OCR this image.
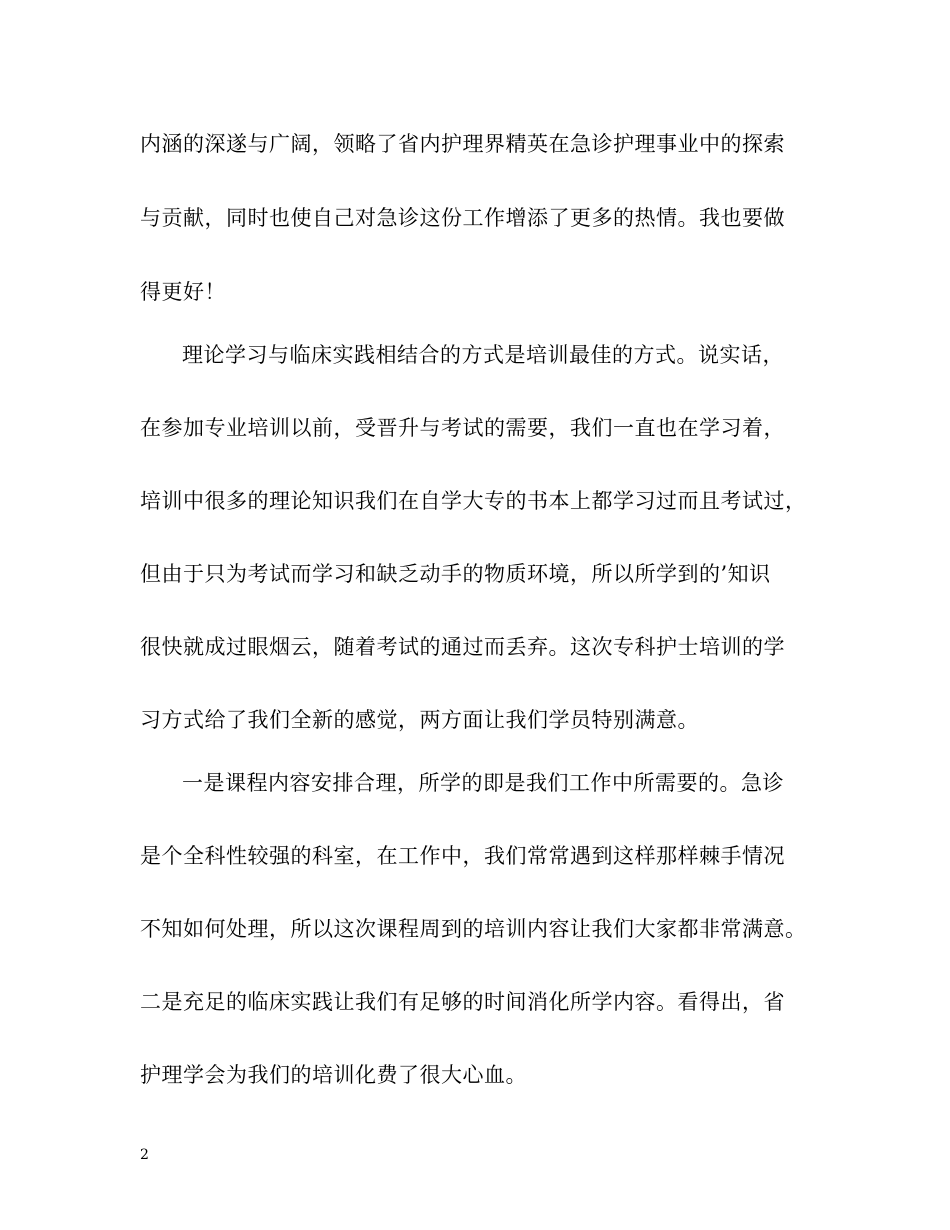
内涵的深遂与广阔，领略了省内护理界精英在急诊护理事业中的探索
与贡献，同时也使自己对急诊这份工作增添了更多的热情。我也要做
得更好！
理论学习与临床实践相结合的方式是培训最佳的方式。说实话，
在参加专业培训以前，受晋升与考试的需要，我们一直也在学习着，
培训中很多的理论知识我们在自学大专的书本上都学习过而且考试过，
但由于只为考试而学习和缺乏动手的物质环境，所以所学到的’知识
很快就成过眼烟云，随着考试的通过而丢弃。这次专科护士培训的学
习方式给了我们全新的感觉，两方面让我们学员特别满意。
一是课程内容安排合理，所学的即是我们工作中所需要的。急诊
是个全科性较强的科室，在工作中，我们常常遇到这样那样棘手情况
不知如何处理，所以这次课程周到的培训内容让我们大家都非常满意。
二是充足的临床实践让我们有足够的时间消化所学内容。看得出，省
护理学会为我们的培训化费了很大心血。
2
